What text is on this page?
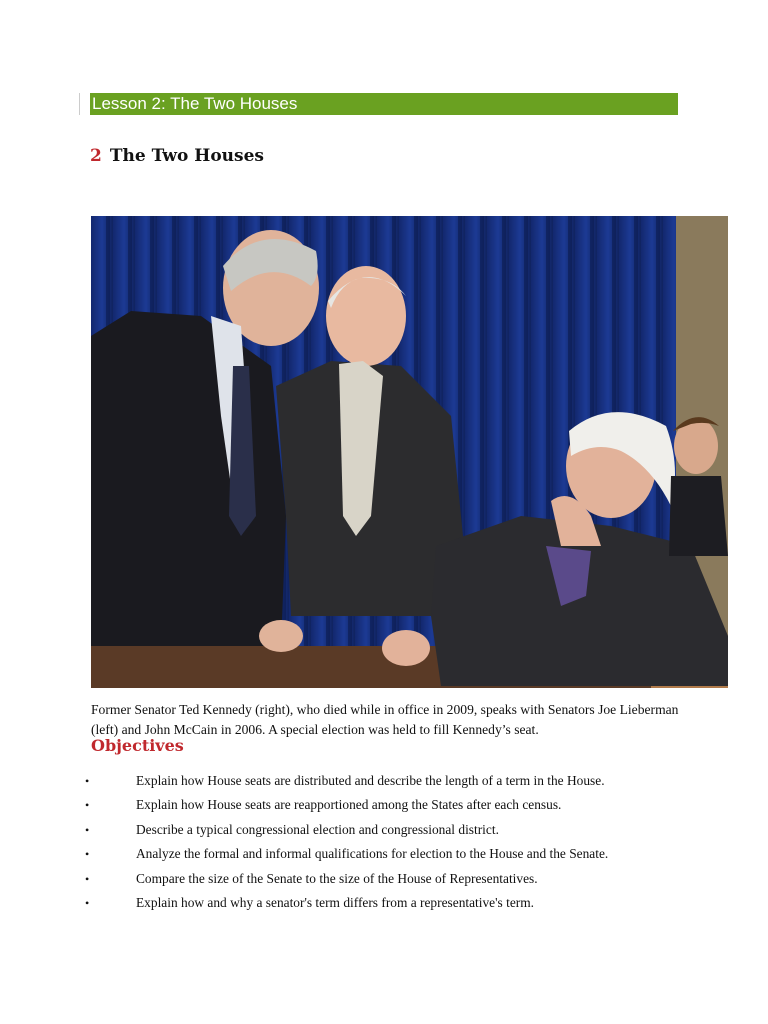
Lesson 2: The Two Houses
2 The Two Houses
Former Senator Ted Kennedy (right), who died while in office in 2009, speaks with Senators Joe Lieberman (left) and John McCain in 2006. A special election was held to fill Kennedy’s seat.
Objectives
•	Explain how House seats are distributed and describe the length of a term in the House.
•	Explain how House seats are reapportioned among the States after each census.
•	Describe a typical congressional election and congressional district.
•	Analyze the formal and informal qualifications for election to the House and the Senate.
•	Compare the size of the Senate to the size of the House of Representatives.
•	Explain how and why a senator's term differs from a representative's term.
